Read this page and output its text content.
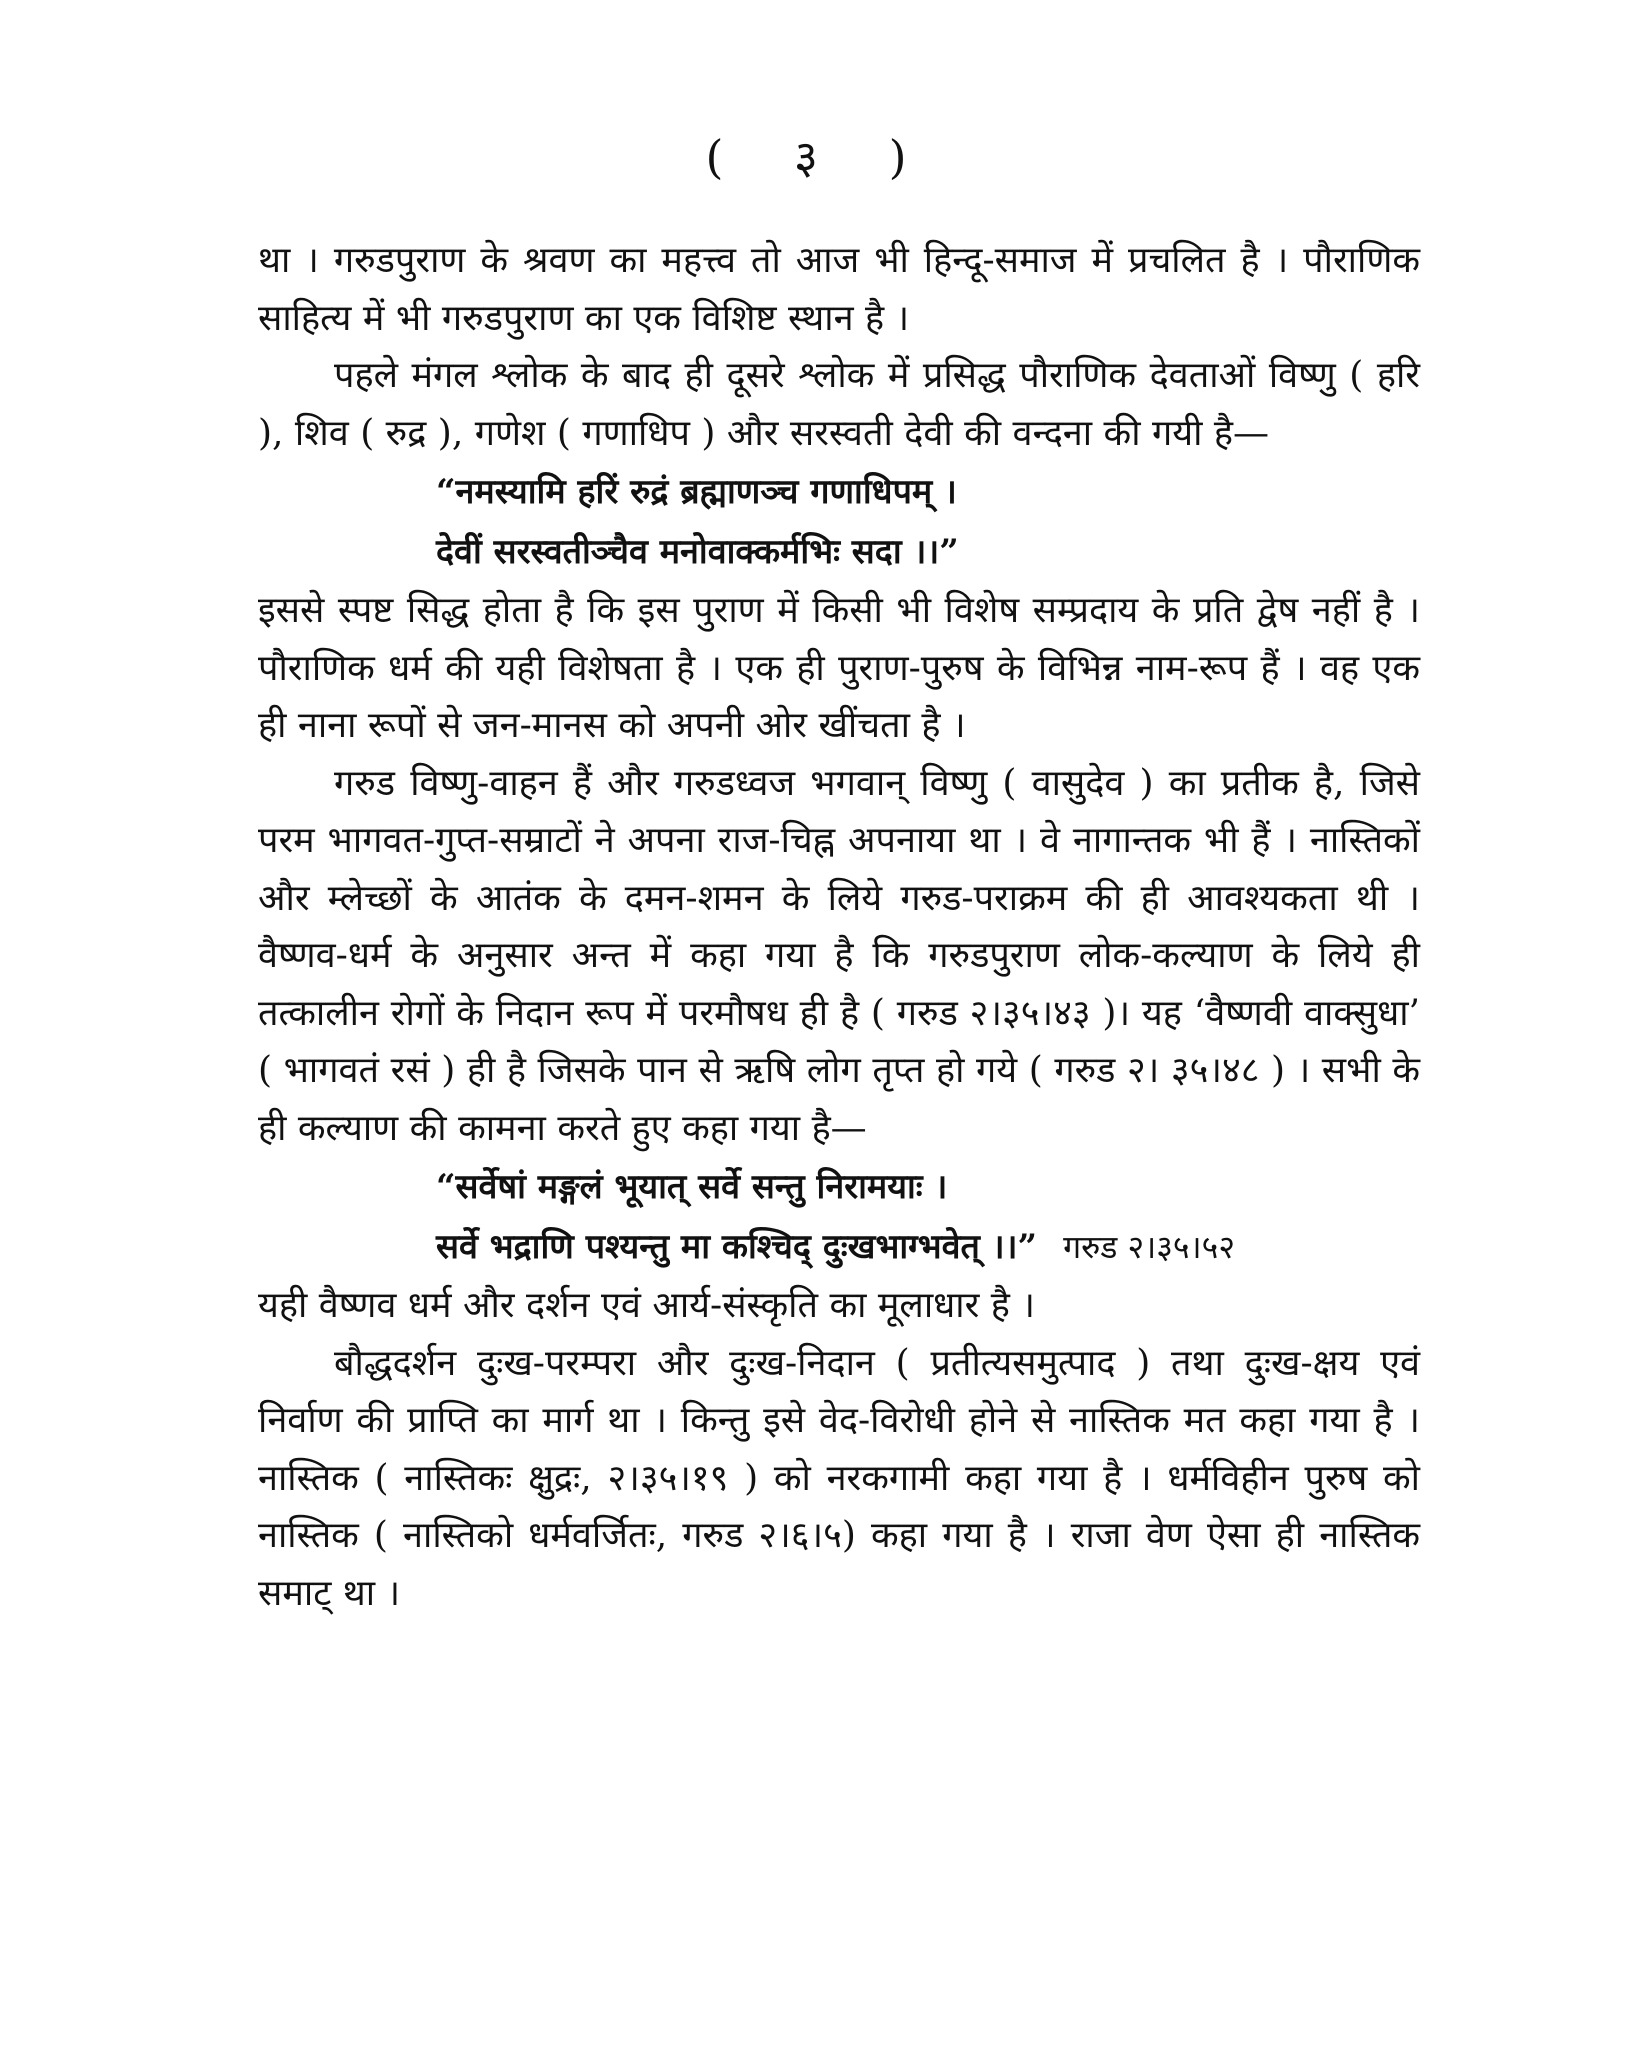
( ३ )

था । गरुडपुराण के श्रवण का महत्त्व तो आज भी हिन्दू-समाज में प्रचलित है । पौराणिक साहित्य में भी गरुडपुराण का एक विशिष्ट स्थान है ।

पहले मंगल श्लोक के बाद ही दूसरे श्लोक में प्रसिद्ध पौराणिक देवताओं विष्णु ( हरि ), शिव ( रुद्र ), गणेश ( गणाधिप ) और सरस्वती देवी की वन्दना की गयी है—

“नमस्यामि हरिं रुद्रं ब्रह्माणञ्च गणाधिपम् ।
देवीं सरस्वतीञ्चैव मनोवाक्कर्मभिः सदा ।।”

इससे स्पष्ट सिद्ध होता है कि इस पुराण में किसी भी विशेष सम्प्रदाय के प्रति द्वेष नहीं है । पौराणिक धर्म की यही विशेषता है । एक ही पुराण-पुरुष के विभिन्न नाम-रूप हैं । वह एक ही नाना रूपों से जन-मानस को अपनी ओर खींचता है ।

गरुड विष्णु-वाहन हैं और गरुडध्वज भगवान् विष्णु ( वासुदेव ) का प्रतीक है, जिसे परम भागवत-गुप्त-सम्राटों ने अपना राज-चिह्न अपनाया था । वे नागान्तक भी हैं । नास्तिकों और म्लेच्छों के आतंक के दमन-शमन के लिये गरुड-पराक्रम की ही आवश्यकता थी । वैष्णव-धर्म के अनुसार अन्त में कहा गया है कि गरुडपुराण लोक-कल्याण के लिये ही तत्कालीन रोगों के निदान रूप में परमौषध ही है ( गरुड २।३५।४३ )। यह ‘वैष्णवी वाक्सुधा’ ( भागवतं रसं ) ही है जिसके पान से ऋषि लोग तृप्त हो गये ( गरुड २। ३५।४८ ) । सभी के ही कल्याण की कामना करते हुए कहा गया है—

“सर्वेषां मङ्गलं भूयात् सर्वे सन्तु निरामयाः ।
सर्वे भद्राणि पश्यन्तु मा कश्चिद् दुःखभाग्भवेत् ।।” गरुड २।३५।५२

यही वैष्णव धर्म और दर्शन एवं आर्य-संस्कृति का मूलाधार है ।

बौद्धदर्शन दुःख-परम्परा और दुःख-निदान ( प्रतीत्यसमुत्पाद ) तथा दुःख-क्षय एवं निर्वाण की प्राप्ति का मार्ग था । किन्तु इसे वेद-विरोधी होने से नास्तिक मत कहा गया है । नास्तिक ( नास्तिकः क्षुद्रः, २।३५।१९ ) को नरकगामी कहा गया है । धर्मविहीन पुरुष को नास्तिक ( नास्तिको धर्मवर्जितः, गरुड २।६।५) कहा गया है । राजा वेण ऐसा ही नास्तिक समाट् था ।
